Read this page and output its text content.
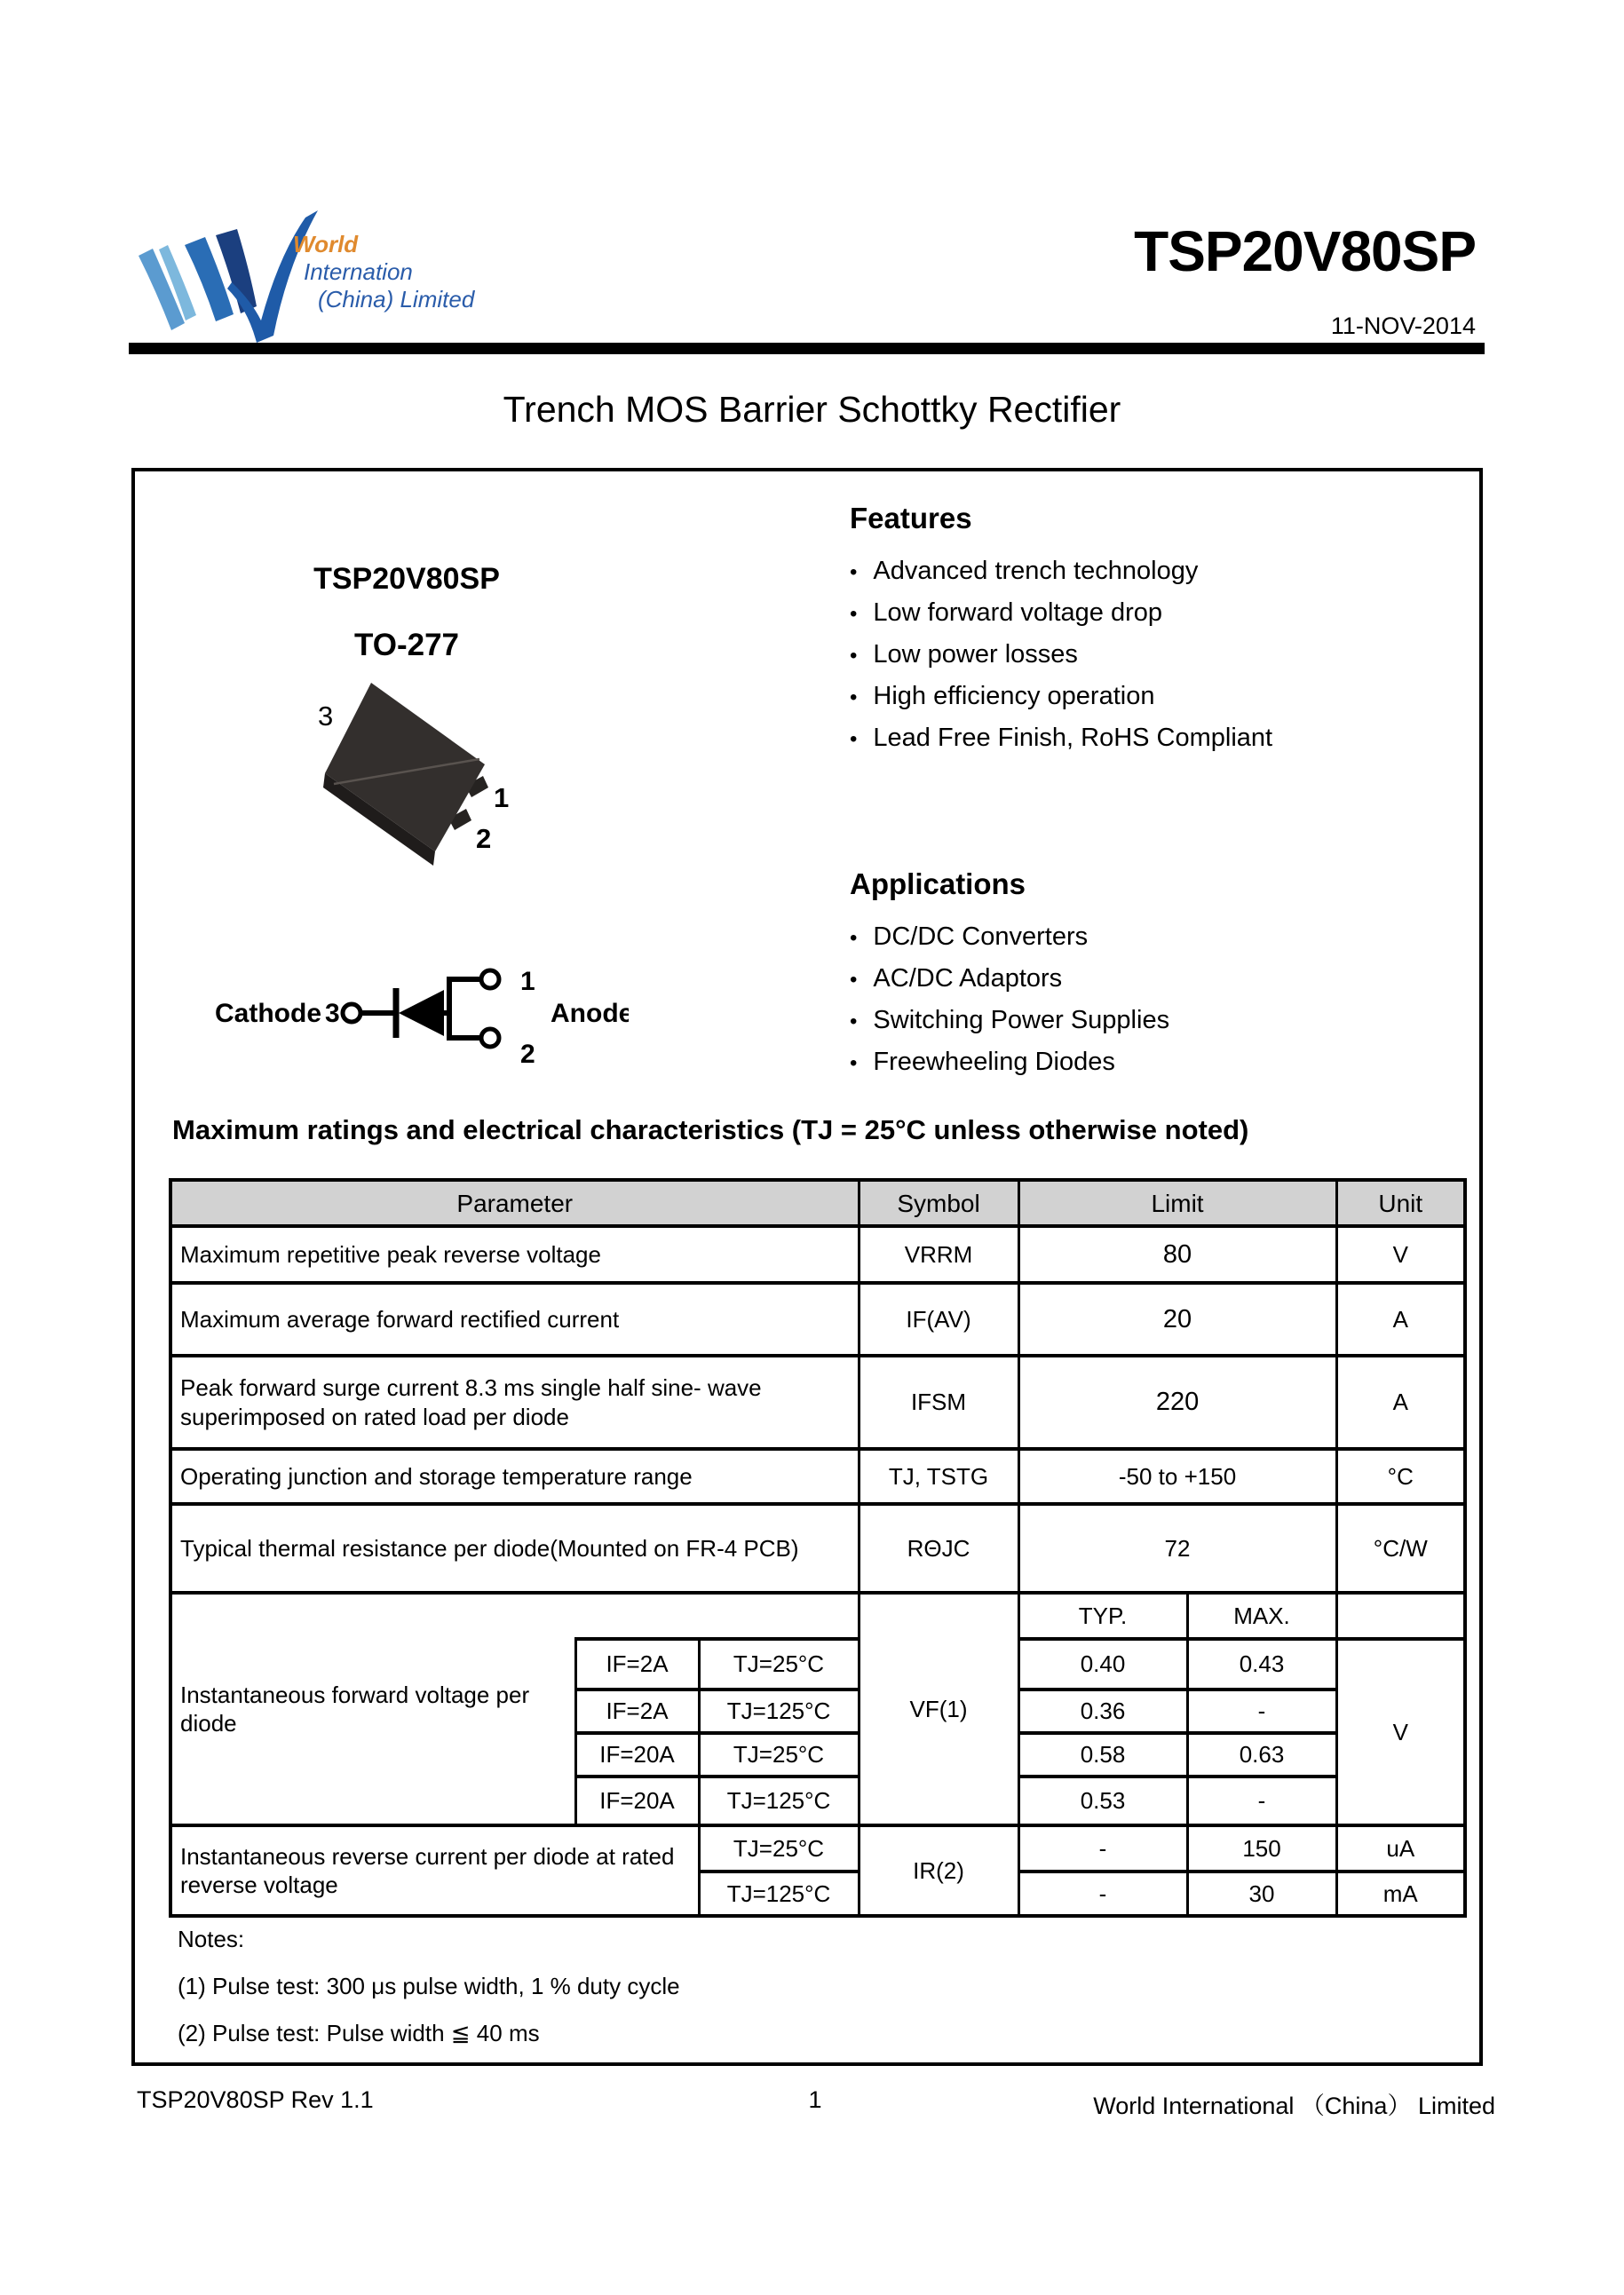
World
Internation
(China) Limited
TSP20V80SP
11-NOV-2014
Trench MOS Barrier Schottky Rectifier
TSP20V80SP
TO-277
3
1
2
Cathode 3
1
2
Anode
Features
• Advanced trench technology
• Low forward voltage drop
• Low power losses
• High efficiency operation
• Lead Free Finish, RoHS Compliant
Applications
• DC/DC Converters
• AC/DC Adaptors
• Switching Power Supplies
• Freewheeling Diodes
Maximum ratings and electrical characteristics (TJ = 25°C unless otherwise noted)
Parameter			Symbol	Limit		Unit
Maximum repetitive peak reverse voltage			VRRM	80		V
Maximum average forward rectified current			IF(AV)	20		A
Peak forward surge current 8.3 ms single half sine- wave superimposed on rated load per diode			IFSM	220		A
Operating junction and storage temperature range			TJ, TSTG	-50 to +150		°C
Typical thermal resistance per diode(Mounted on FR-4 PCB)			RΘJC	72		°C/W
Instantaneous forward voltage per diode			VF(1)	TYP.	MAX.	
	IF=2A	TJ=25°C		0.40	0.43	V
	IF=2A	TJ=125°C		0.36	-	
	IF=20A	TJ=25°C		0.58	0.63	
	IF=20A	TJ=125°C		0.53	-	
Instantaneous reverse current per diode at rated reverse voltage		TJ=25°C	IR(2)	-	150	uA
		TJ=125°C		-	30	mA
Notes:
(1) Pulse test: 300 μs pulse width, 1 % duty cycle
(2) Pulse test: Pulse width ≦ 40 ms
1
TSP20V80SP Rev 1.1	World International （China） Limited
